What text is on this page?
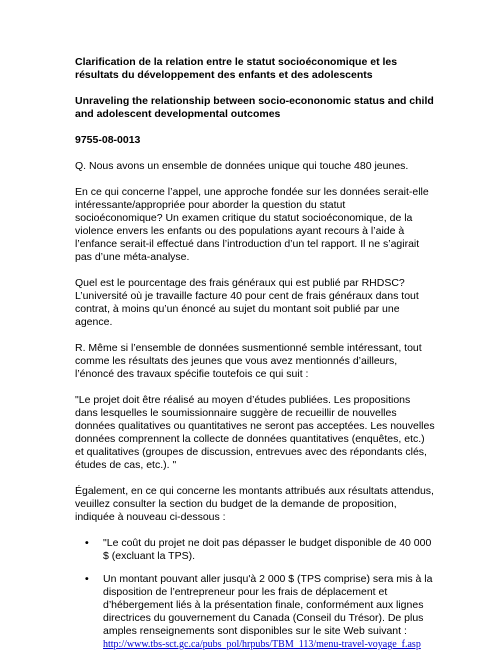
Clarification de la relation entre le statut socioéconomique et les résultats du développement des enfants et des adolescents
Unraveling the relationship between socio-econonomic status and child and adolescent developmental outcomes
9755-08-0013

Q. Nous avons un ensemble de données unique qui touche 480 jeunes.

En ce qui concerne l’appel, une approche fondée sur les données serait-elle intéressante/appropriée pour aborder la question du statut socioéconomique? Un examen critique du statut socioéconomique, de la violence envers les enfants ou des populations ayant recours à l’aide à l’enfance serait-il effectué dans l’introduction d’un tel rapport. Il ne s’agirait pas d’une méta-analyse.

Quel est le pourcentage des frais généraux qui est publié par RHDSC? L’université où je travaille facture 40 pour cent de frais généraux dans tout contrat, à moins qu’un énoncé au sujet du montant soit publié par une agence.

R. Même si l’ensemble de données susmentionné semble intéressant, tout comme les résultats des jeunes que vous avez mentionnés d’ailleurs, l’énoncé des travaux spécifie toutefois ce qui suit :

"Le projet doit être réalisé au moyen d’études publiées. Les propositions dans lesquelles le soumissionnaire suggère de recueillir de nouvelles données qualitatives ou quantitatives ne seront pas acceptées. Les nouvelles données comprennent la collecte de données quantitatives (enquêtes, etc.) et qualitatives (groupes de discussion, entrevues avec des répondants clés, études de cas, etc.). "

Également, en ce qui concerne les montants attribués aux résultats attendus, veuillez consulter la section du budget de la demande de proposition, indiquée à nouveau ci-dessous :

• "Le coût du projet ne doit pas dépasser le budget disponible de 40 000 $ (excluant la TPS).
• Un montant pouvant aller jusqu'à 2 000 $ (TPS comprise) sera mis à la disposition de l’entrepreneur pour les frais de déplacement et d’hébergement liés à la présentation finale, conformément aux lignes directrices du gouvernement du Canada (Conseil du Trésor). De plus amples renseignements sont disponibles sur le site Web suivant :
http://www.tbs-sct.gc.ca/pubs_pol/hrpubs/TBM_113/menu-travel-voyage_f.asp
